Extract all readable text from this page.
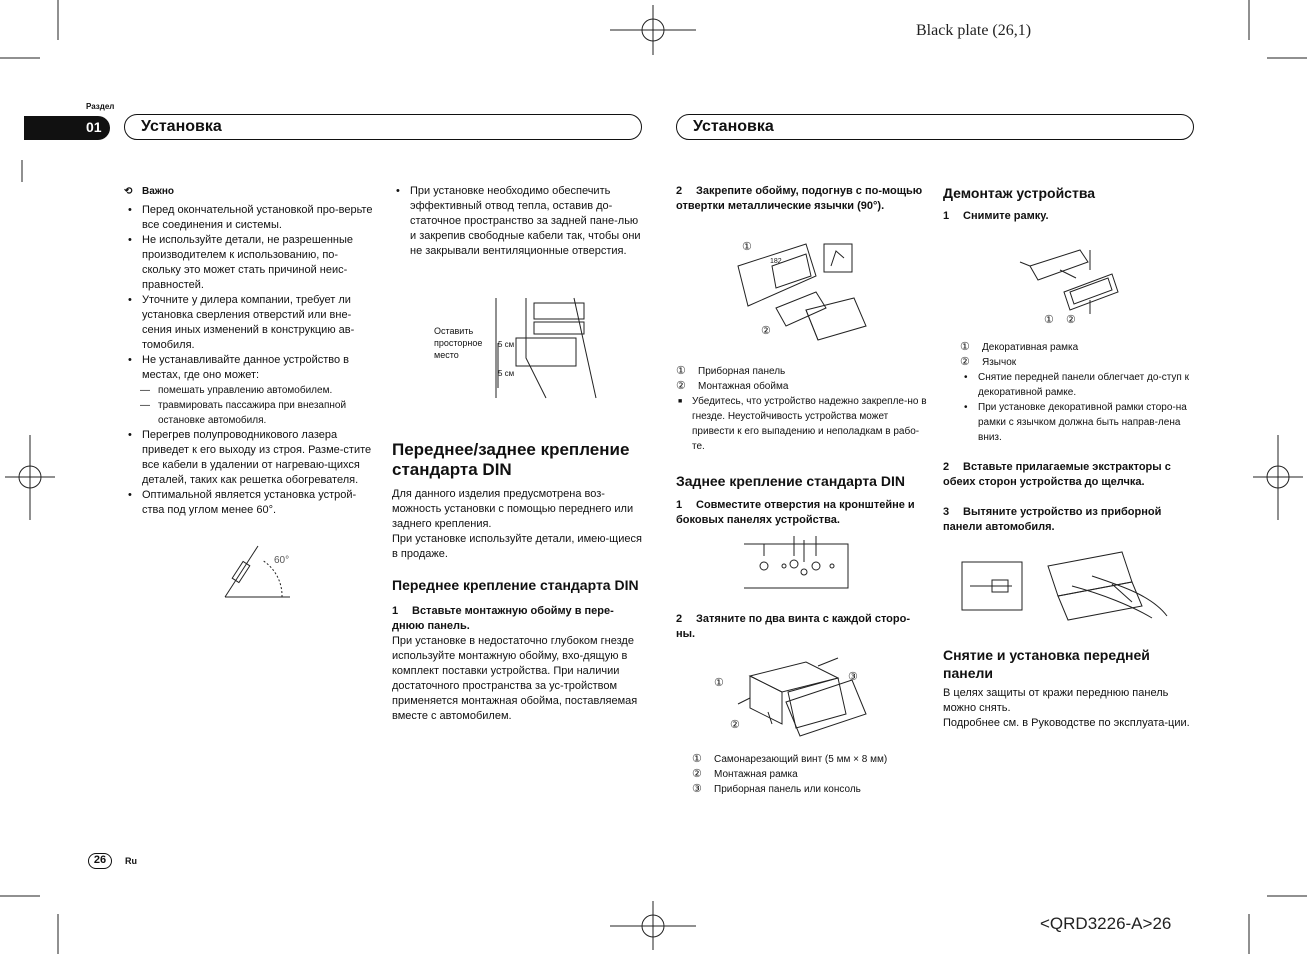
Black plate (26,1)
<QRD3226-A>26
Раздел
01	Установка	Установка
⟲ Важно
• Перед окончательной установкой про-верьте все соединения и системы.
• Не используйте детали, не разрешенные производителем к использованию, по-скольку это может стать причиной неис-правностей.
• Уточните у дилера компании, требует ли установка сверления отверстий или вне-сения иных изменений в конструкцию ав-томобиля.
• Не устанавливайте данное устройство в местах, где оно может:
— помешать управлению автомобилем.
— травмировать пассажира при внезапной остановке автомобиля.
• Перегрев полупроводникового лазера приведет к его выходу из строя. Разме-стите все кабели в удалении от нагреваю-щихся деталей, таких как решетка обогревателя.
• Оптимальной является установка устрой-ства под углом менее 60°.
60°
• При установке необходимо обеспечить эффективный отвод тепла, оставив до-статочное пространство за задней пане-лью и закрепив свободные кабели так, чтобы они не закрывали вентиляционные отверстия.
Оставить просторное место
5 см
5 см
Переднее/заднее крепление стандарта DIN
Для данного изделия предусмотрена воз-можность установки с помощью переднего или заднего крепления.
При установке используйте детали, имею-щиеся в продаже.
Переднее крепление стандарта DIN
1 Вставьте монтажную обойму в пере-днюю панель.
При установке в недостаточно глубоком гнезде используйте монтажную обойму, вхо-дящую в комплект поставки устройства. При наличии достаточного пространства за ус-тройством применяется монтажная обойма, поставляемая вместе с автомобилем.
2 Закрепите обойму, подогнув с по-мощью отвертки металлические язычки (90°).
①
②
182
① Приборная панель
② Монтажная обойма
■ Убедитесь, что устройство надежно закрепле-но в гнезде. Неустойчивость устройства может привести к его выпадению и неполадкам в рабо-те.
Заднее крепление стандарта DIN
1 Совместите отверстия на кронштейне и боковых панелях устройства.
2 Затяните по два винта с каждой сторо-ны.
①
②
③
① Самонарезающий винт (5 мм × 8 мм)
② Монтажная рамка
③ Приборная панель или консоль
Демонтаж устройства
1 Снимите рамку.
① ②
① Декоративная рамка
② Язычок
• Снятие передней панели облегчает до-ступ к декоративной рамке.
• При установке декоративной рамки сторо-на рамки с язычком должна быть направ-лена вниз.
2 Вставьте прилагаемые экстракторы с обеих сторон устройства до щелчка.
3 Вытяните устройство из приборной панели автомобиля.
Снятие и установка передней панели
В целях защиты от кражи переднюю панель можно снять.
Подробнее см. в Руководстве по эксплуата-ции.
26	Ru
